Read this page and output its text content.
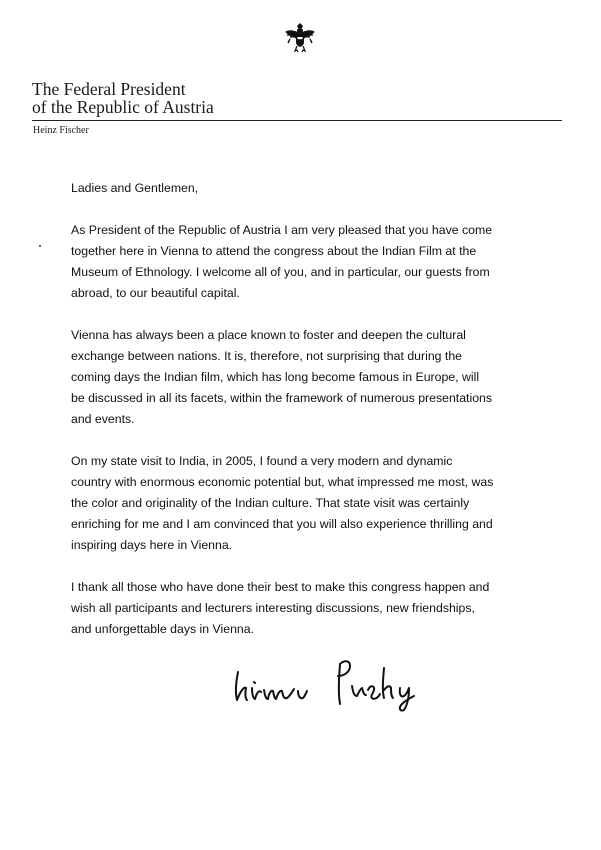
The Federal President
of the Republic of Austria
Heinz Fischer

Ladies and Gentlemen,

As President of the Republic of Austria I am very pleased that you have come
together here in Vienna to attend the congress about the Indian Film at the
Museum of Ethnology. I welcome all of you, and in particular, our guests from
abroad, to our beautiful capital.

Vienna has always been a place known to foster and deepen the cultural
exchange between nations. It is, therefore, not surprising that during the
coming days the Indian film, which has long become famous in Europe, will
be discussed in all its facets, within the framework of numerous presentations
and events.

On my state visit to India, in 2005, I found a very modern and dynamic
country with enormous economic potential but, what impressed me most, was
the color and originality of the Indian culture. That state visit was certainly
enriching for me and I am convinced that you will also experience thrilling and
inspiring days here in Vienna.

I thank all those who have done their best to make this congress happen and
wish all participants and lecturers interesting discussions, new friendships,
and unforgettable days in Vienna.
